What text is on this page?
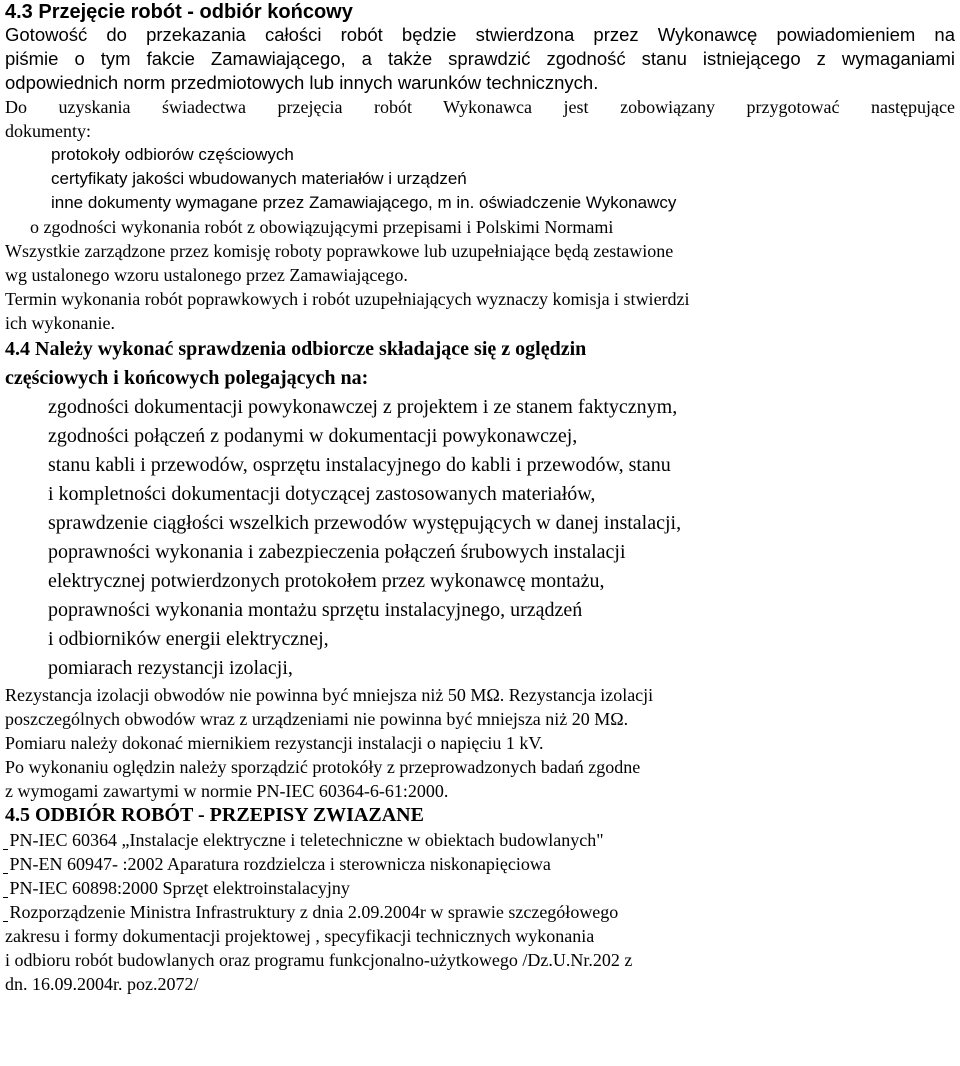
4.3 Przejęcie robót - odbiór końcowy
Gotowość do przekazania całości robót będzie stwierdzona przez Wykonawcę powiadomieniem na
piśmie o tym fakcie Zamawiającego, a także sprawdzić zgodność stanu istniejącego z wymaganiami
odpowiednich norm przedmiotowych lub innych warunków technicznych.
Do uzyskania świadectwa przejęcia robót Wykonawca jest zobowiązany przygotować następujące
dokumenty:
protokoły odbiorów częściowych
certyfikaty jakości wbudowanych materiałów i urządzeń
inne dokumenty wymagane przez Zamawiającego, m in. oświadczenie Wykonawcy
o zgodności wykonania robót z obowiązującymi przepisami i Polskimi Normami
Wszystkie zarządzone przez komisję roboty poprawkowe lub uzupełniające będą zestawione
wg ustalonego wzoru ustalonego przez Zamawiającego.
Termin wykonania robót poprawkowych i robót uzupełniających wyznaczy komisja i stwierdzi
ich wykonanie.
4.4 Należy wykonać sprawdzenia odbiorcze składające się z oględzin
częściowych i końcowych polegających na:
zgodności dokumentacji powykonawczej z projektem i ze stanem faktycznym,
zgodności połączeń z podanymi w dokumentacji powykonawczej,
stanu kabli i przewodów, osprzętu instalacyjnego do kabli i przewodów, stanu
i kompletności dokumentacji dotyczącej zastosowanych materiałów,
sprawdzenie ciągłości wszelkich przewodów występujących w danej instalacji,
poprawności wykonania i zabezpieczenia połączeń śrubowych instalacji
elektrycznej potwierdzonych protokołem przez wykonawcę montażu,
poprawności wykonania montażu sprzętu instalacyjnego, urządzeń
i odbiorników energii elektrycznej,
pomiarach rezystancji izolacji,
Rezystancja izolacji obwodów nie powinna być mniejsza niż 50 MΩ. Rezystancja izolacji
poszczególnych obwodów wraz z urządzeniami nie powinna być mniejsza niż 20 MΩ.
Pomiaru należy dokonać miernikiem rezystancji instalacji o napięciu 1 kV.
Po wykonaniu oględzin należy sporządzić protokóły z przeprowadzonych badań zgodne
z wymogami zawartymi w normie PN-IEC 60364-6-61:2000.
4.5 ODBIÓR ROBÓT - PRZEPISY ZWIAZANE
PN-IEC 60364 „Instalacje elektryczne i teletechniczne w obiektach budowlanych"
PN-EN 60947- :2002 Aparatura rozdzielcza i sterownicza niskonapięciowa
PN-IEC 60898:2000 Sprzęt elektroinstalacyjny
Rozporządzenie Ministra Infrastruktury z dnia 2.09.2004r w sprawie szczegółowego
zakresu i formy dokumentacji projektowej , specyfikacji technicznych wykonania
i odbioru robót budowlanych oraz programu funkcjonalno-użytkowego /Dz.U.Nr.202 z
dn. 16.09.2004r. poz.2072/
